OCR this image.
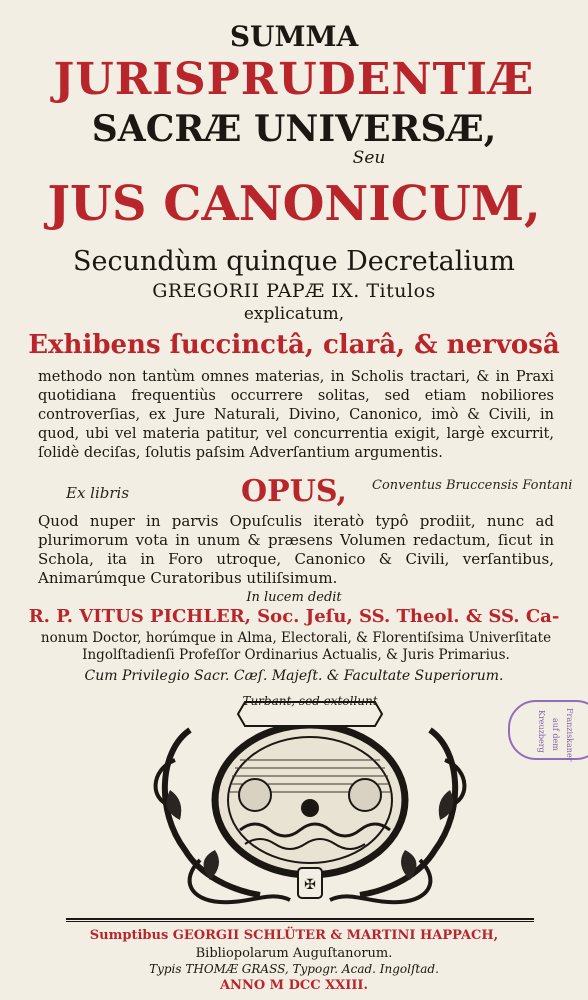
SUMMA
JURISPRUDENTIÆ
SACRÆ UNIVERSÆ,
Seu
JUS CANONICUM,
Secundùm quinque Decretalium
GREGORII PAPÆ IX. Titulos
explicatum,
Exhibens ſuccinctâ, clarâ, & nervosâ
methodo non tantùm omnes materias, in Scholis tractari, & in Praxi quotidiana frequentiùs occurrere solitas, sed etiam nobiliores controverſias, ex Jure Naturali, Divino, Canonico, imò & Civili, in quod, ubi vel materia patitur, vel concurrentia exigit, largè excurrit, ſolidè deciſas, ſolutis paſsim Adverſantium argumentis.
Ex libris	OPUS,	Conventus Bruccensis Fontani
Quod nuper in parvis Opuſculis iteratò typô prodiit, nunc ad plurimorum vota in unum & præsens Volumen redactum, ſicut in Schola, ita in Foro utroque, Canonico & Civili, verſantibus, Animarúmque Curatoribus utiliſsimum.
In lucem dedit
R. P. VITUS PICHLER, Soc. Jeſu, SS. Theol. & SS. Ca-
nonum Doctor, horúmque in Alma, Electorali, & Florentiſsima Univerſitate Ingolſtadienſi Profeſſor Ordinarius Actualis, & Juris Primarius.
Cum Privilegio Sacr. Cæſ. Majeſt. & Facultate Superiorum.
✠
Turbant, sed extollunt
Franziskaner
auf dem
Kreuzberg
Sumptibus GEORGII SCHLÜTER & MARTINI HAPPACH,
Bibliopolarum Auguſtanorum.
Typis THOMÆ GRASS, Typogr. Acad. Ingolſtad.
ANNO M DCC XXIII.
